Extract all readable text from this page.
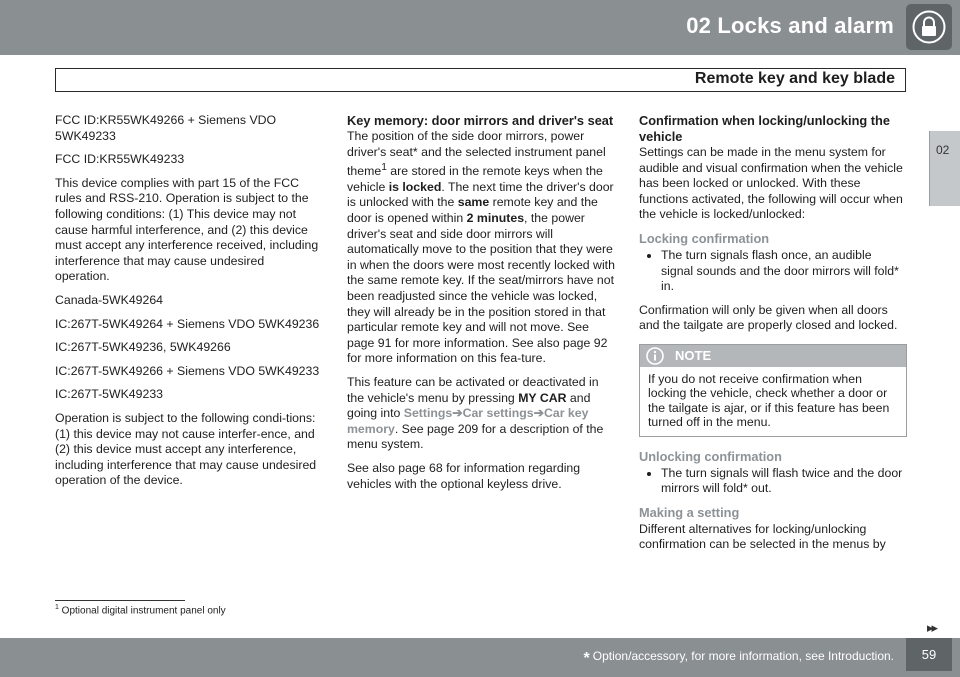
02 Locks and alarm
Remote key and key blade
02

FCC ID:KR55WK49266 + Siemens VDO 5WK49233

FCC ID:KR55WK49233

This device complies with part 15 of the FCC rules and RSS-210. Operation is subject to the following conditions: (1) This device may not cause harmful interference, and (2) this device must accept any interference received, including interference that may cause undesired operation.

Canada-5WK49264

IC:267T-5WK49264 + Siemens VDO 5WK49236

IC:267T-5WK49236, 5WK49266

IC:267T-5WK49266 + Siemens VDO 5WK49233

IC:267T-5WK49233

Operation is subject to the following condi-tions: (1) this device may not cause interfer-ence, and (2) this device must accept any interference, including interference that may cause undesired operation of the device.

Key memory: door mirrors and driver's seat

The position of the side door mirrors, power driver's seat* and the selected instrument panel theme$^1$ are stored in the remote keys when the vehicle is locked. The next time the driver's door is unlocked with the same remote key and the door is opened within 2 minutes, the power driver's seat and side door mirrors will automatically move to the position that they were in when the doors were most recently locked with the same remote key. If the seat/mirrors have not been readjusted since the vehicle was locked, they will already be in the position stored in that particular remote key and will not move. See page 91 for more information. See also page 92 for more information on this fea-ture.

This feature can be activated or deactivated in the vehicle's menu by pressing MY CAR and going into Settings➔Car settings➔Car key memory. See page 209 for a description of the menu system.

See also page 68 for information regarding vehicles with the optional keyless drive.

Confirmation when locking/unlocking the vehicle

Settings can be made in the menu system for audible and visual confirmation when the vehicle has been locked or unlocked. With these functions activated, the following will occur when the vehicle is locked/unlocked:

Locking confirmation
• The turn signals flash once, an audible signal sounds and the door mirrors will fold* in.

Confirmation will only be given when all doors and the tailgate are properly closed and locked.

NOTE
If you do not receive confirmation when locking the vehicle, check whether a door or the tailgate is ajar, or if this feature has been turned off in the menu.
Unlocking confirmation
• The turn signals will flash twice and the door mirrors will fold* out.
Making a setting

Different alternatives for locking/unlocking confirmation can be selected in the menus by

$^1$ Optional digital instrument panel only
▸▸
* Option/accessory, for more information, see Introduction.	59
